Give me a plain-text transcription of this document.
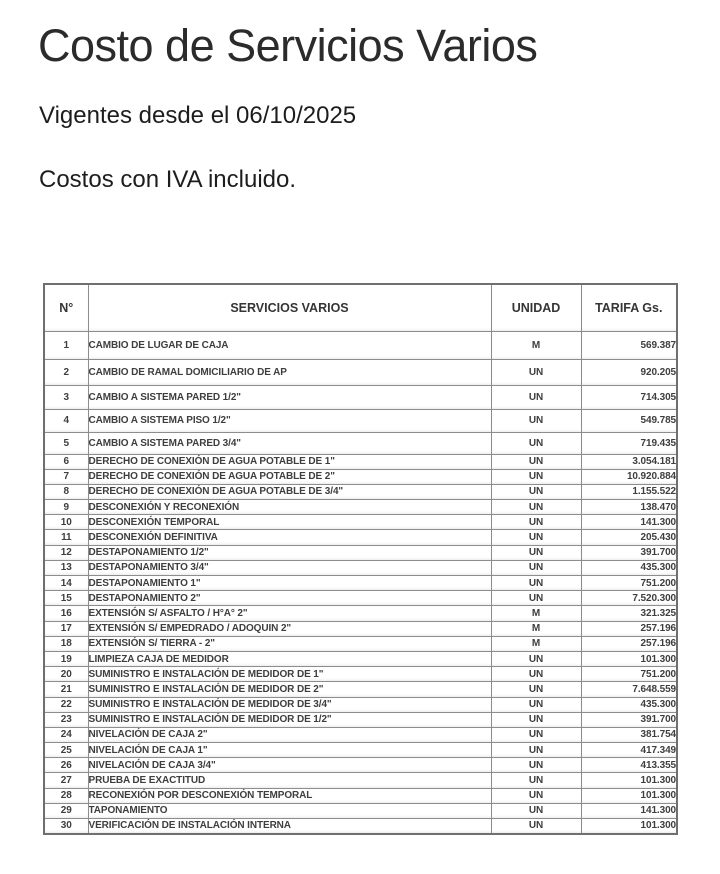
Costo de Servicios Varios

Vigentes desde el 06/10/2025

Costos con IVA incluido.

N°	SERVICIOS VARIOS	UNIDAD	TARIFA Gs.
1	CAMBIO DE LUGAR DE CAJA	M	569.387
2	CAMBIO DE RAMAL DOMICILIARIO DE AP	UN	920.205
3	CAMBIO A SISTEMA PARED 1/2"	UN	714.305
4	CAMBIO A SISTEMA PISO 1/2"	UN	549.785
5	CAMBIO A SISTEMA PARED 3/4"	UN	719.435
6	DERECHO DE CONEXIÓN DE AGUA POTABLE DE 1"	UN	3.054.181
7	DERECHO DE CONEXIÓN DE AGUA POTABLE DE 2"	UN	10.920.884
8	DERECHO DE CONEXIÓN DE AGUA POTABLE DE 3/4"	UN	1.155.522
9	DESCONEXIÓN Y RECONEXIÓN	UN	138.470
10	DESCONEXIÓN TEMPORAL	UN	141.300
11	DESCONEXIÓN DEFINITIVA	UN	205.430
12	DESTAPONAMIENTO 1/2"	UN	391.700
13	DESTAPONAMIENTO 3/4"	UN	435.300
14	DESTAPONAMIENTO 1"	UN	751.200
15	DESTAPONAMIENTO 2"	UN	7.520.300
16	EXTENSIÓN S/ ASFALTO / H°A° 2"	M	321.325
17	EXTENSIÓN S/ EMPEDRADO / ADOQUIN 2"	M	257.196
18	EXTENSIÓN S/ TIERRA - 2"	M	257.196
19	LIMPIEZA CAJA DE MEDIDOR	UN	101.300
20	SUMINISTRO E INSTALACIÓN DE MEDIDOR DE 1"	UN	751.200
21	SUMINISTRO E INSTALACIÓN DE MEDIDOR DE 2"	UN	7.648.559
22	SUMINISTRO E INSTALACIÓN DE MEDIDOR DE 3/4"	UN	435.300
23	SUMINISTRO E INSTALACIÓN DE MEDIDOR DE 1/2"	UN	391.700
24	NIVELACIÓN DE CAJA 2"	UN	381.754
25	NIVELACIÓN DE CAJA 1"	UN	417.349
26	NIVELACIÓN DE CAJA 3/4"	UN	413.355
27	PRUEBA DE EXACTITUD	UN	101.300
28	RECONEXIÓN POR DESCONEXIÓN TEMPORAL	UN	101.300
29	TAPONAMIENTO	UN	141.300
30	VERIFICACIÓN DE INSTALACIÓN INTERNA	UN	101.300
